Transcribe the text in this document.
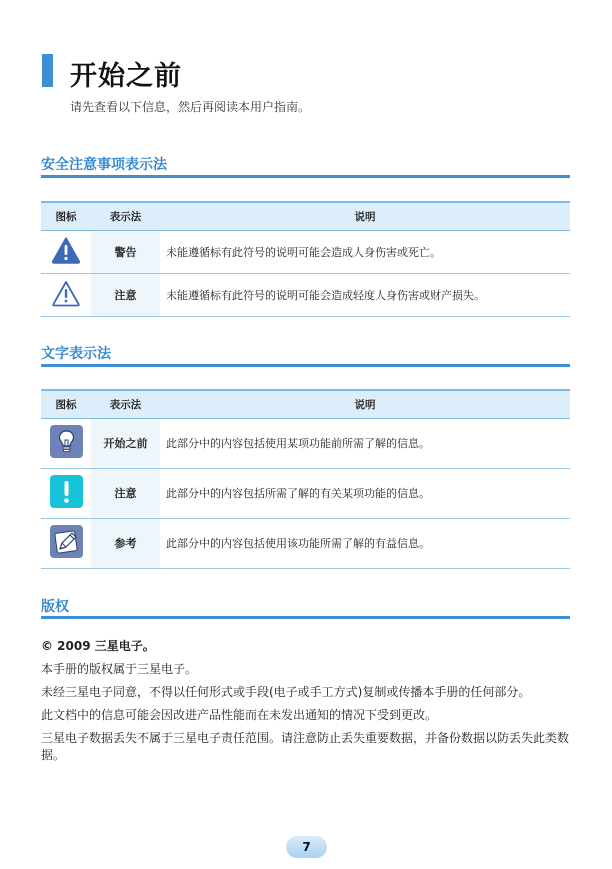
开始之前
请先查看以下信息，然后再阅读本用户指南。
安全注意事项表示法
图标	表示法	说明
	警告	未能遵循标有此符号的说明可能会造成人身伤害或死亡。
	注意	未能遵循标有此符号的说明可能会造成轻度人身伤害或财产损失。
文字表示法
图标	表示法	说明
	开始之前	此部分中的内容包括使用某项功能前所需了解的信息。
	注意	此部分中的内容包括所需了解的有关某项功能的信息。
	参考	此部分中的内容包括使用该功能所需了解的有益信息。
版权

© 2009 三星电子。

本手册的版权属于三星电子。

未经三星电子同意，不得以任何形式或手段(电子或手工方式)复制或传播本手册的任何部分。

此文档中的信息可能会因改进产品性能而在未发出通知的情况下受到更改。

三星电子数据丢失不属于三星电子责任范围。请注意防止丢失重要数据，并备份数据以防丢失此类数据。

7
